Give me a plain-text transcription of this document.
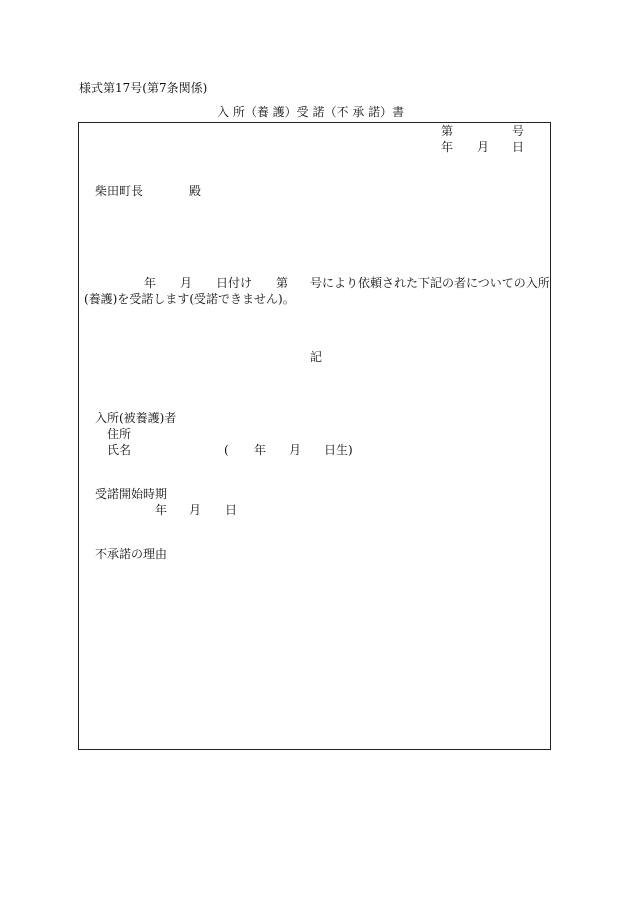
様式第17号(第7条関係)
入 所（養 護）受 諾（不 承 諾）書
第	号
年 月 日
柴田町長	殿
年 月 日付け 第 号により依頼された下記の者についての入所
(養護)を受諾します(受諾できません)。
記
入所(被養護)者
住所
氏名	( 年 月 日生)
受諾開始時期
年 月 日
不承諾の理由
